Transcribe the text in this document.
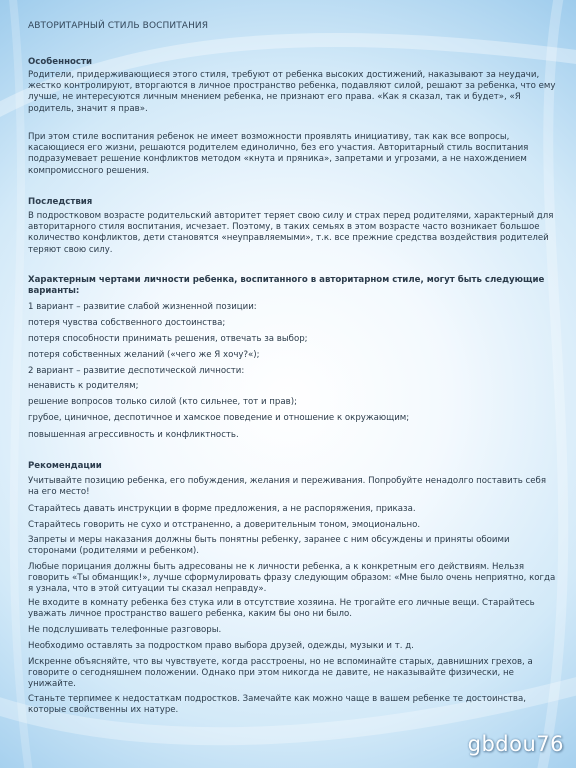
АВТОРИТАРНЫЙ СТИЛЬ ВОСПИТАНИЯ
Особенности
Родители, придерживающиеся этого стиля, требуют от ребенка высоких достижений, наказывают за неудачи, жестко контролируют, вторгаются в личное пространство ребенка, подавляют силой, решают за ребенка, что ему лучше, не интересуются личным мнением ребенка, не признают его права. «Как я сказал, так и будет», «Я родитель, значит я прав».
При этом стиле воспитания ребенок не имеет возможности проявлять инициативу, так как все вопросы, касающиеся его жизни, решаются родителем единолично, без его участия. Авторитарный стиль воспитания подразумевает решение конфликтов методом «кнута и пряника», запретами и угрозами, а не нахождением компромиссного решения.
Последствия
В подростковом возрасте родительский авторитет теряет свою силу и страх перед родителями, характерный для авторитарного стиля воспитания, исчезает. Поэтому, в таких семьях в этом возрасте часто возникает большое количество конфликтов, дети становятся «неуправляемыми», т.к. все прежние средства воздействия родителей теряют свою силу.
Характерным чертами личности ребенка, воспитанного в авторитарном стиле, могут быть следующие варианты:
1 вариант – развитие слабой жизненной позиции:
потеря чувства собственного достоинства;
потеря способности принимать решения, отвечать за выбор;
потеря собственных желаний («чего же Я хочу?«);
2 вариант – развитие деспотической личности:
ненависть к родителям;
решение вопросов только силой (кто сильнее, тот и прав);
грубое, циничное, деспотичное и хамское поведение и отношение к окружающим;
повышенная агрессивность и конфликтность.
Рекомендации
Учитывайте позицию ребенка, его побуждения, желания и переживания. Попробуйте ненадолго поставить себя на его место!
Старайтесь давать инструкции в форме предложения, а не распоряжения, приказа.
Старайтесь говорить не сухо и отстраненно, а доверительным тоном, эмоционально.
Запреты и меры наказания должны быть понятны ребенку, заранее с ним обсуждены и приняты обоими сторонами (родителями и ребенком).
Любые порицания должны быть адресованы не к личности ребенка, а к конкретным его действиям. Нельзя говорить «Ты обманщик!», лучше сформулировать фразу следующим образом: «Мне было очень неприятно, когда я узнала, что в этой ситуации ты сказал неправду».
Не входите в комнату ребенка без стука или в отсутствие хозяина. Не трогайте его личные вещи. Старайтесь уважать личное пространство вашего ребенка, каким бы оно ни было.
Не подслушивать телефонные разговоры.
Необходимо оставлять за подростком право выбора друзей, одежды, музыки и т. д.
Искренне объясняйте, что вы чувствуете, когда расстроены, но не вспоминайте старых, давнишних грехов, а говорите о сегодняшнем положении. Однако при этом никогда не давите, не наказывайте физически, не унижайте.
Станьте терпимее к недостаткам подростков. Замечайте как можно чаще в вашем ребенке те достоинства, которые свойственны их натуре.
gbdou76
